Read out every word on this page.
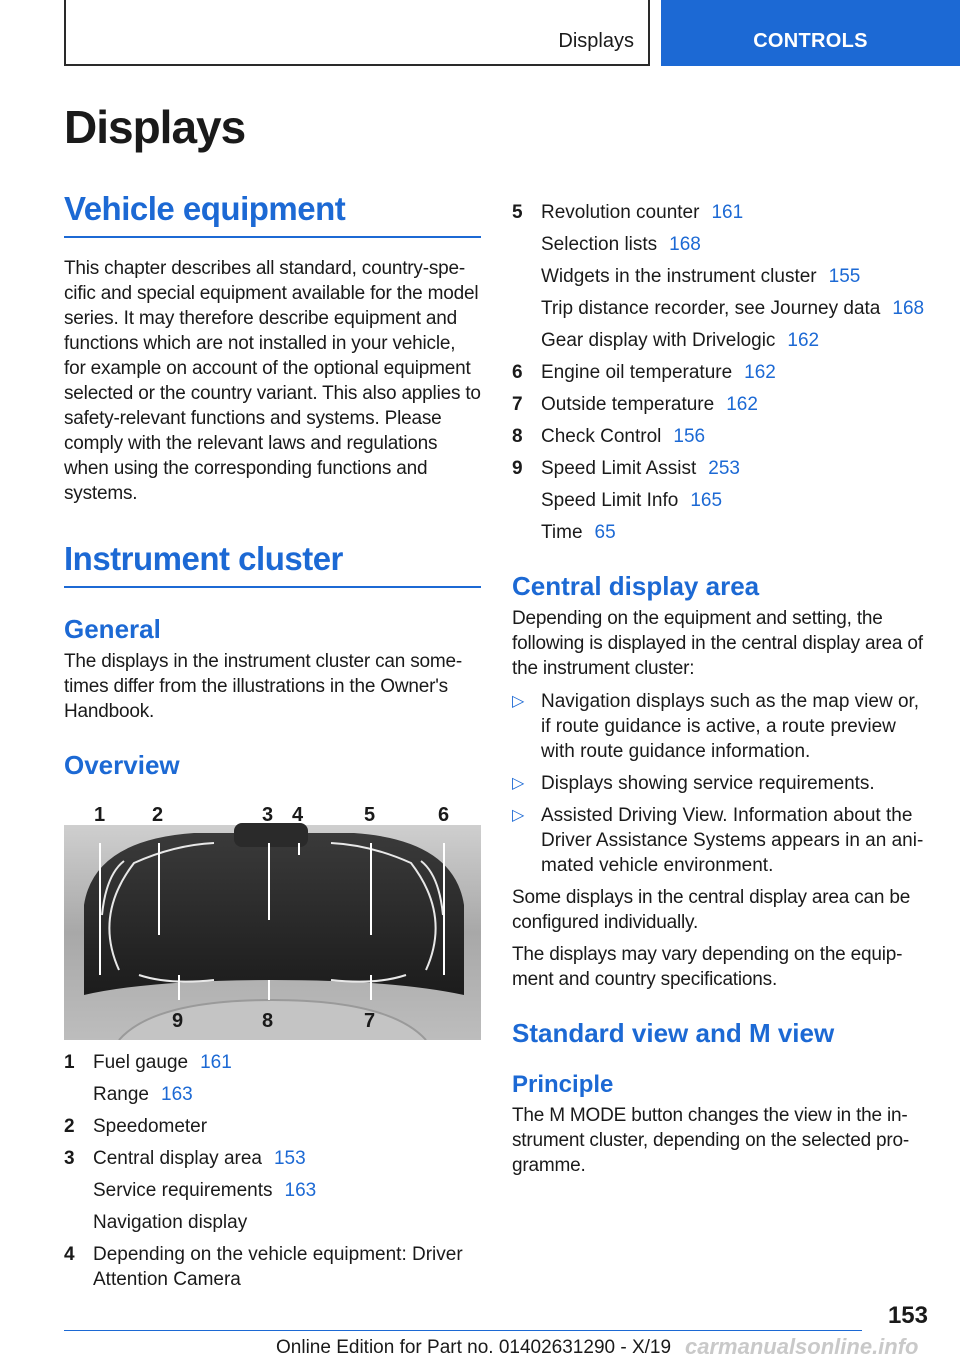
Displays	CONTROLS
Displays
Vehicle equipment

This chapter describes all standard, country-specific and special equipment available for the model series. It may therefore describe equipment and functions which are not installed in your vehicle, for example on account of the optional equipment selected or the country variant. This also applies to safety-relevant functions and systems. Please comply with the relevant laws and regulations when using the corresponding functions and systems.

Instrument cluster
General

The displays in the instrument cluster can sometimes differ from the illustrations in the Owner's Handbook.

Overview
1 2	3 4	5	6
9	8	7
1 Fuel gauge 161
Range 163
2 Speedometer
3 Central display area 153
Service requirements 163
Navigation display
4 Depending on the vehicle equipment: Driver Attention Camera
5 Revolution counter 161
Selection lists 168
Widgets in the instrument cluster 155
Trip distance recorder, see Journey data 168
Gear display with Drivelogic 162
6 Engine oil temperature 162
7 Outside temperature 162
8 Check Control 156
9 Speed Limit Assist 253
Speed Limit Info 165
Time 65
Central display area

Depending on the equipment and setting, the following is displayed in the central display area of the instrument cluster:

▷ Navigation displays such as the map view or, if route guidance is active, a route preview with route guidance information.
▷ Displays showing service requirements.
▷ Assisted Driving View. Information about the Driver Assistance Systems appears in an animated vehicle environment.

Some displays in the central display area can be configured individually.

The displays may vary depending on the equipment and country specifications.

Standard view and M view
Principle

The M MODE button changes the view in the instrument cluster, depending on the selected programme.

153
Online Edition for Part no. 01402631290 - X/19 carmanualsonline.info
